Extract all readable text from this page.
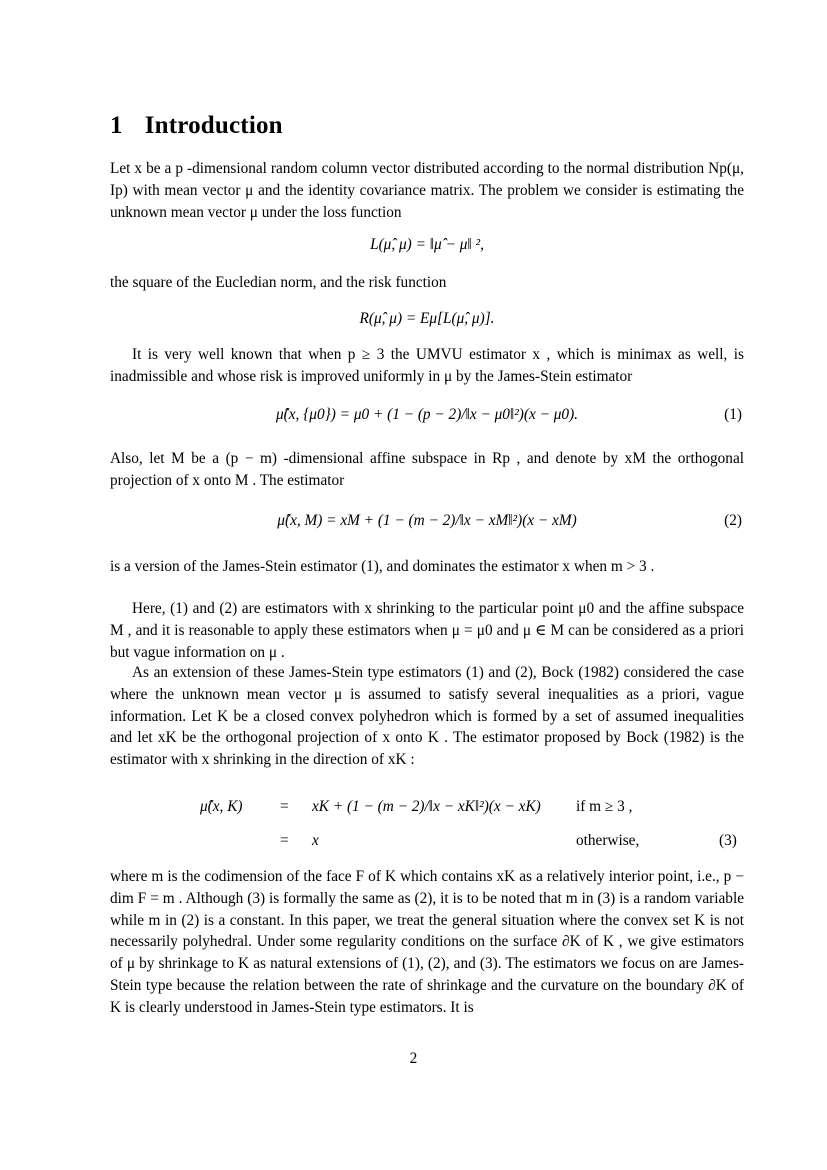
1 Introduction

Let x be a p -dimensional random column vector distributed according to the normal distribution Np(μ, Ip) with mean vector μ and the identity covariance matrix. The problem we consider is estimating the unknown mean vector μ under the loss function

L(μ̂, μ) = ‖μ̂ − μ‖ ²,

the square of the Eucledian norm, and the risk function

R(μ̂, μ) = Eμ[L(μ̂, μ)].

It is very well known that when p ≥ 3 the UMVU estimator x , which is minimax as well, is inadmissible and whose risk is improved uniformly in μ by the James-Stein estimator

μ̂(x, {μ0}) = μ0 + (1 − (p − 2)/‖x − μ0‖²)(x − μ0).	(1)

Also, let M be a (p − m) -dimensional affine subspace in Rp , and denote by xM the orthogonal projection of x onto M . The estimator

μ̂(x, M) = xM + (1 − (m − 2)/‖x − xM‖²)(x − xM)	(2)

is a version of the James-Stein estimator (1), and dominates the estimator x when m > 3 .

Here, (1) and (2) are estimators with x shrinking to the particular point μ0 and the affine subspace M , and it is reasonable to apply these estimators when μ = μ0 and μ ∈ M can be considered as a priori but vague information on μ .

As an extension of these James-Stein type estimators (1) and (2), Bock (1982) considered the case where the unknown mean vector μ is assumed to satisfy several inequalities as a priori, vague information. Let K be a closed convex polyhedron which is formed by a set of assumed inequalities and let xK be the orthogonal projection of x onto K . The estimator proposed by Bock (1982) is the estimator with x shrinking in the direction of xK :

μ̂(x, K) = xK + (1 − (m − 2)/‖x − xK‖²)(x − xK) if m ≥ 3 ,
= x	otherwise,	(3)

where m is the codimension of the face F of K which contains xK as a relatively interior point, i.e., p − dim F = m . Although (3) is formally the same as (2), it is to be noted that m in (3) is a random variable while m in (2) is a constant. In this paper, we treat the general situation where the convex set K is not necessarily polyhedral. Under some regularity conditions on the surface ∂K of K , we give estimators of μ by shrinkage to K as natural extensions of (1), (2), and (3). The estimators we focus on are James-Stein type because the relation between the rate of shrinkage and the curvature on the boundary ∂K of K is clearly understood in James-Stein type estimators. It is

2
